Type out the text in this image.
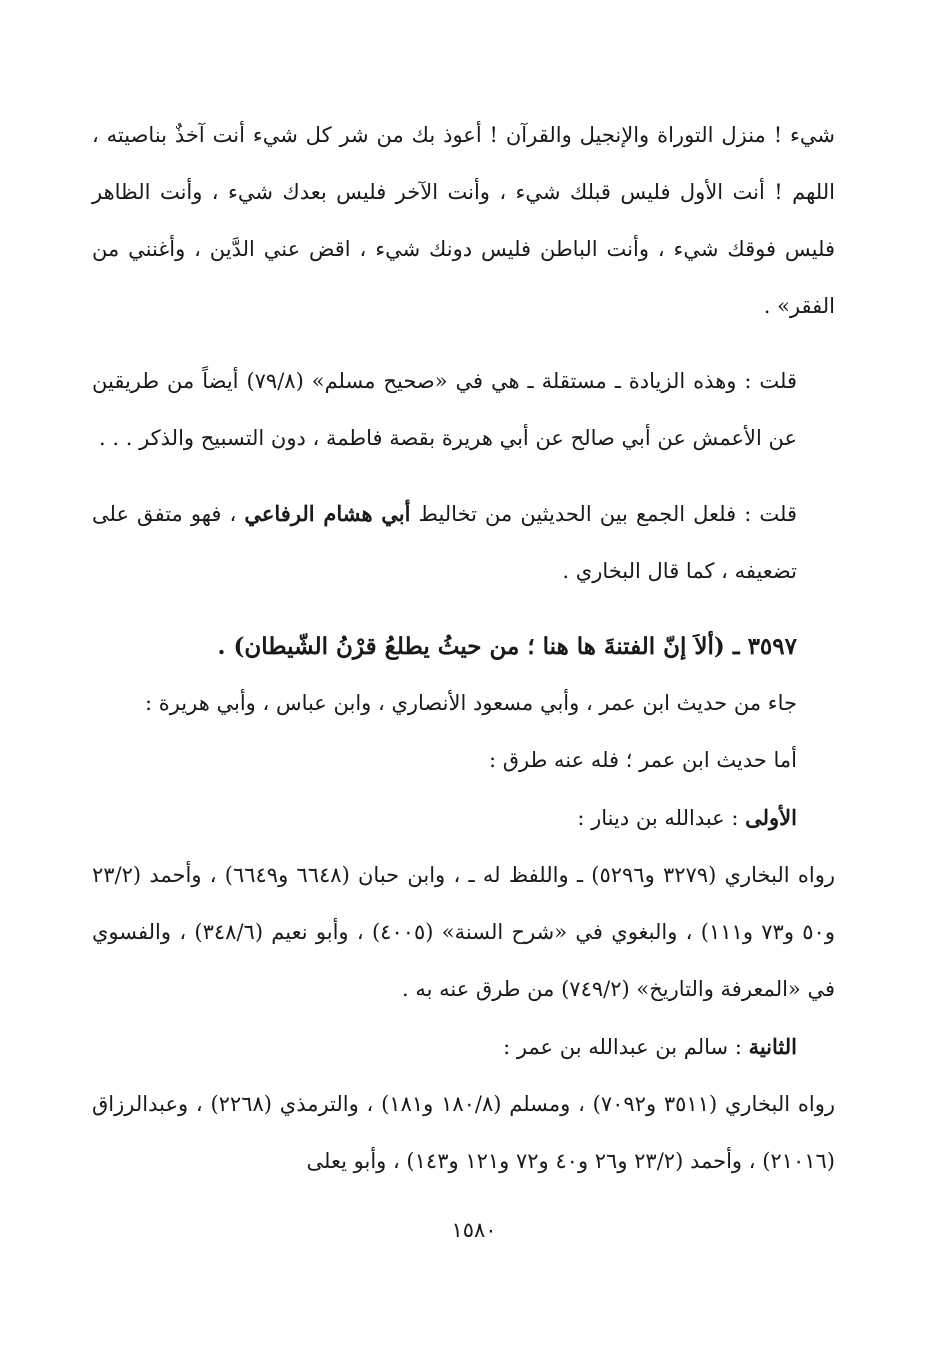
شيء ! منزل التوراة والإنجيل والقرآن ! أعوذ بك من شر كل شيء أنت آخذٌ بناصيته ، اللهم ! أنت الأول فليس قبلك شيء ، وأنت الآخر فليس بعدك شيء ، وأنت الظاهر فليس فوقك شيء ، وأنت الباطن فليس دونك شيء ، اقض عني الدَّين ، وأغنني من الفقر» .

قلت : وهذه الزيادة ـ مستقلة ـ هي في «صحيح مسلم» (٧٩/٨) أيضاً من طريقين عن الأعمش عن أبي صالح عن أبي هريرة بقصة فاطمة ، دون التسبيح والذكر . . .

قلت : فلعل الجمع بين الحديثين من تخاليط أبي هشام الرفاعي ، فهو متفق على تضعيفه ، كما قال البخاري .

٣٥٩٧ ـ (ألاَ إنّ الفتنةَ ها هنا ؛ من حيثُ يطلعُ قرْنُ الشّيطان) .

جاء من حديث ابن عمر ، وأبي مسعود الأنصاري ، وابن عباس ، وأبي هريرة :

أما حديث ابن عمر ؛ فله عنه طرق :

الأولى : عبدالله بن دينار :

رواه البخاري (٣٢٧٩ و٥٢٩٦) ـ واللفظ له ـ ، وابن حبان (٦٦٤٨ و٦٦٤٩) ، وأحمد (٢٣/٢ و٥٠ و٧٣ و١١١) ، والبغوي في «شرح السنة» (٤٠٠٥) ، وأبو نعيم (٣٤٨/٦) ، والفسوي في «المعرفة والتاريخ» (٧٤٩/٢) من طرق عنه به .

الثانية : سالم بن عبدالله بن عمر :

رواه البخاري (٣٥١١ و٧٠٩٢) ، ومسلم (١٨٠/٨ و١٨١) ، والترمذي (٢٢٦٨) ، وعبدالرزاق (٢١٠١٦) ، وأحمد (٢٣/٢ و٢٦ و٤٠ و٧٢ و١٢١ و١٤٣) ، وأبو يعلى

١٥٨٠
